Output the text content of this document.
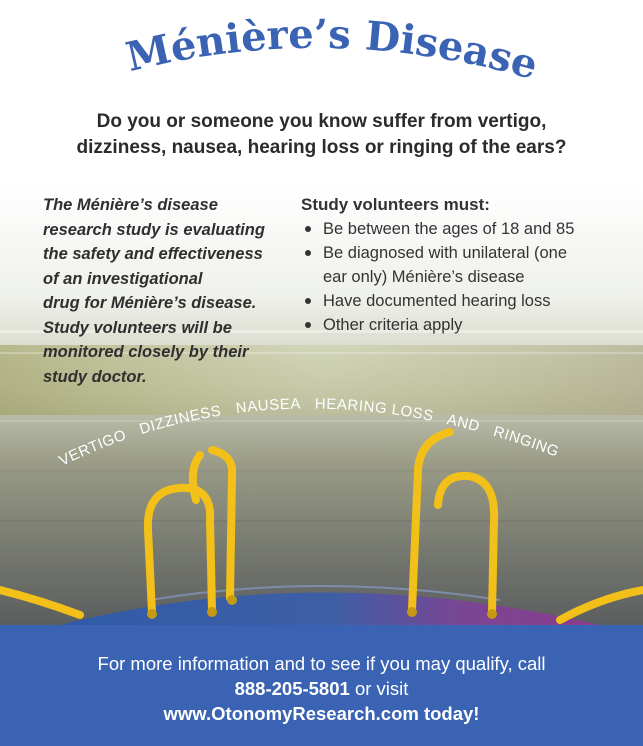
Ménière’s Disease
Do you or someone you know suffer from vertigo,
dizziness, nausea, hearing loss or ringing of the ears?
The Ménière’s disease
research study is evaluating
the safety and effectiveness
of an investigational
drug for Ménière’s disease.
Study volunteers will be
monitored closely by their
study doctor.
Study volunteers must:
Be between the ages of 18 and 85
Be diagnosed with unilateral (one
ear only) Ménière’s disease
Have documented hearing loss
Other criteria apply
VERTIGO DIZZINESS NAUSEA HEARING LOSS AND RINGING
For more information and to see if you may qualify, call
888-205-5801 or visit
www.OtonomyResearch.com today!
